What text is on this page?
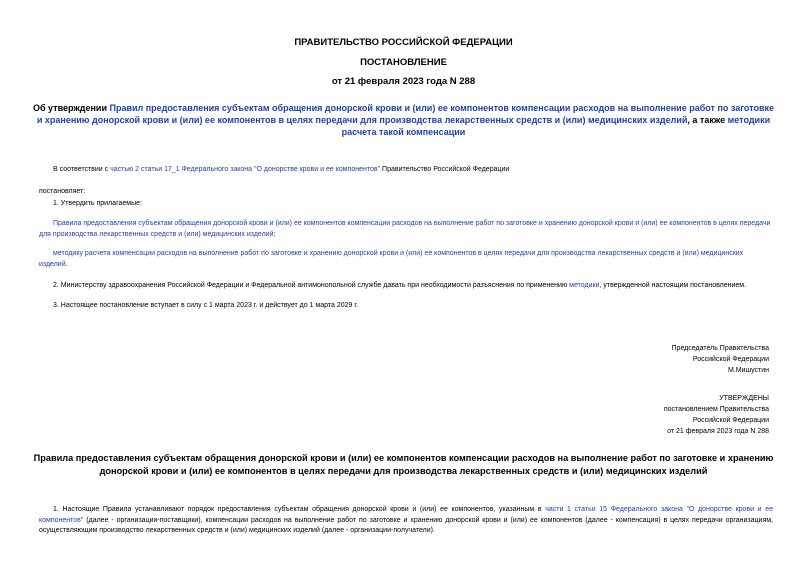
ПРАВИТЕЛЬСТВО РОССИЙСКОЙ ФЕДЕРАЦИИ
ПОСТАНОВЛЕНИЕ
от 21 февраля 2023 года N 288
Об утверждении Правил предоставления субъектам обращения донорской крови и (или) ее компонентов компенсации расходов на выполнение работ по заготовке и хранению донорской крови и (или) ее компонентов в целях передачи для производства лекарственных средств и (или) медицинских изделий, а также методики расчета такой компенсации
В соответствии с частью 2 статьи 17_1 Федерального закона "О донорстве крови и ее компонентов" Правительство Российской Федерации
постановляет:
1. Утвердить прилагаемые:
Правила предоставления субъектам обращения донорской крови и (или) ее компонентов компенсации расходов на выполнение работ по заготовке и хранению донорской крови и (или) ее компонентов в целях передачи для производства лекарственных средств и (или) медицинских изделий;
методику расчета компенсации расходов на выполнение работ по заготовке и хранению донорской крови и (или) ее компонентов в целях передачи для производства лекарственных средств и (или) медицинских изделий.
2. Министерству здравоохранения Российской Федерации и Федеральной антимонопольной службе давать при необходимости разъяснения по применению методики, утвержденной настоящим постановлением.
3. Настоящее постановление вступает в силу с 1 марта 2023 г. и действует до 1 марта 2029 г.
Председатель Правительства
Российской Федерации
М.Мишустин
УТВЕРЖДЕНЫ
постановлением Правительства
Российской Федерации
от 21 февраля 2023 года N 288
Правила предоставления субъектам обращения донорской крови и (или) ее компонентов компенсации расходов на выполнение работ по заготовке и хранению донорской крови и (или) ее компонентов в целях передачи для производства лекарственных средств и (или) медицинских изделий
1. Настоящие Правила устанавливают порядок предоставления субъектам обращения донорской крови и (или) ее компонентов, указанным в части 1 статьи 15 Федерального закона "О донорстве крови и ее компонентов" (далее - организации-поставщики), компенсации расходов на выполнение работ по заготовке и хранению донорской крови и (или) ее компонентов (далее - компенсация) в целях передачи организациям, осуществляющим производство лекарственных средств и (или) медицинских изделий (далее - организации-получатели).
